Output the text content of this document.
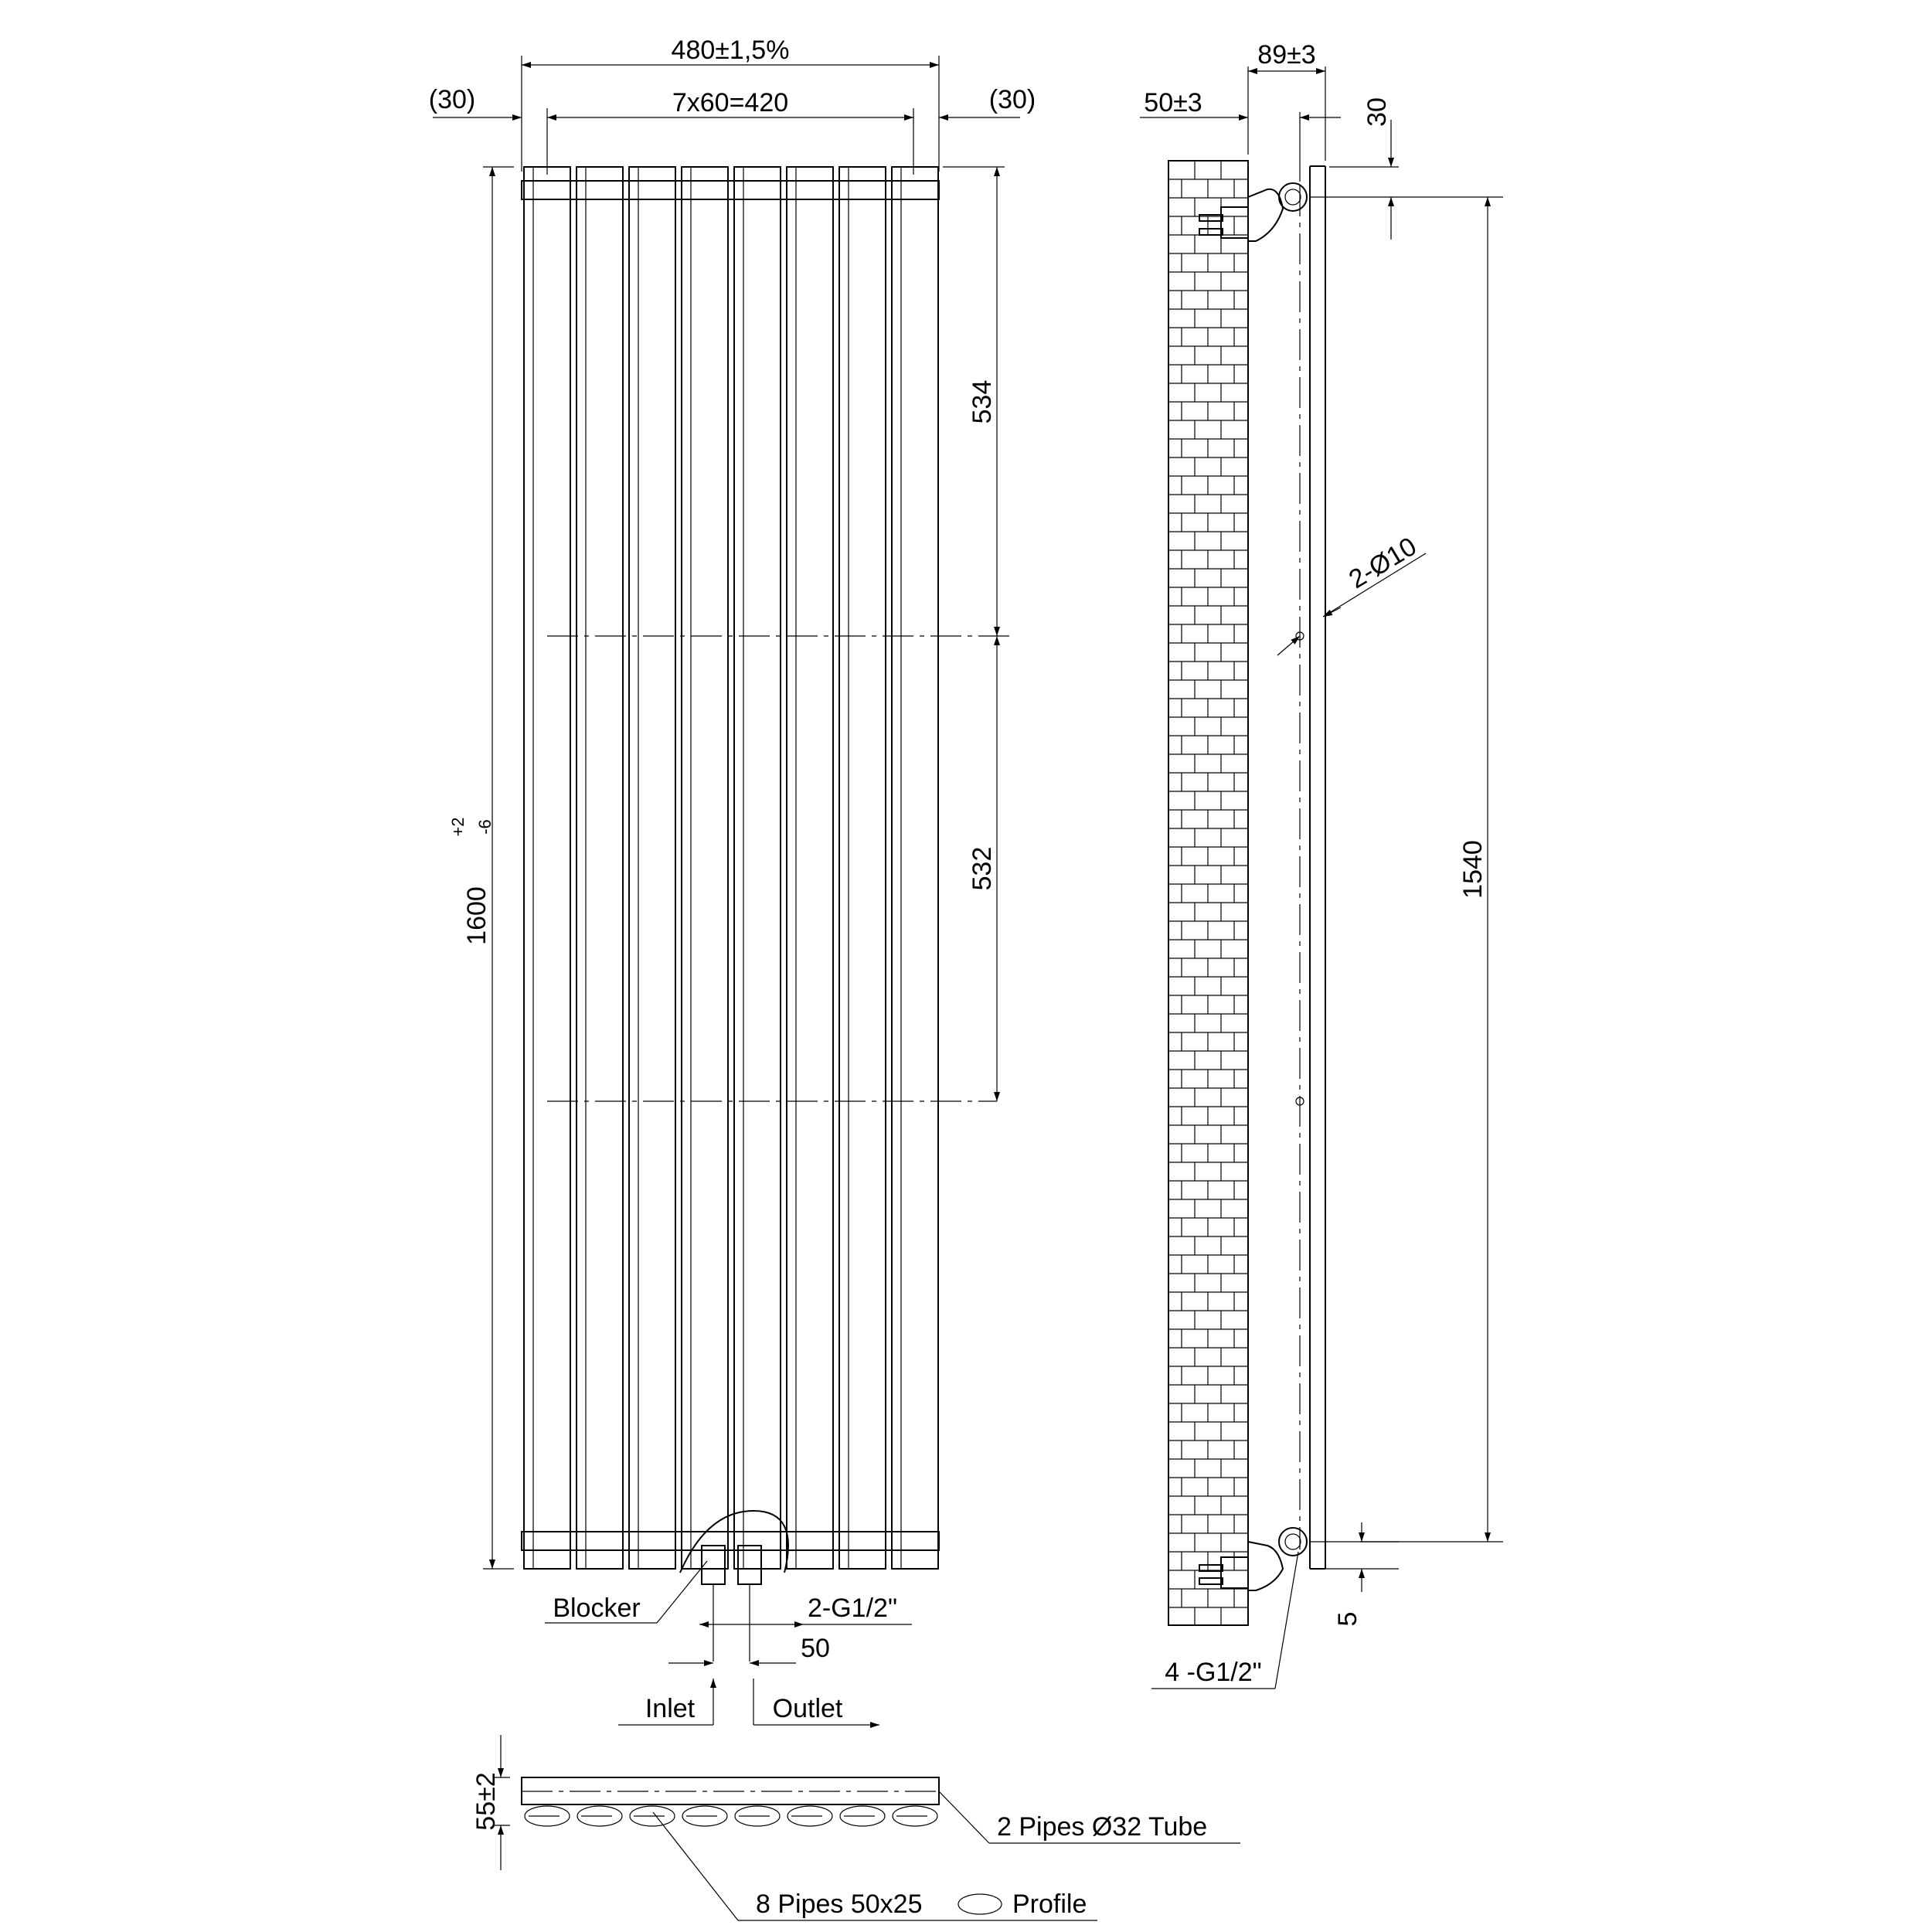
480±1,5%
7x60=420
(30)	(30)
1600
+2 -6
534
532
Blocker	2-G1/2"
50
Inlet	Outlet
89±3
50±3	30
2-Ø10
1540
5
4 -G1/2"
55±2	2 Pipes Ø32 Tube
8 Pipes 50x25	Profile
